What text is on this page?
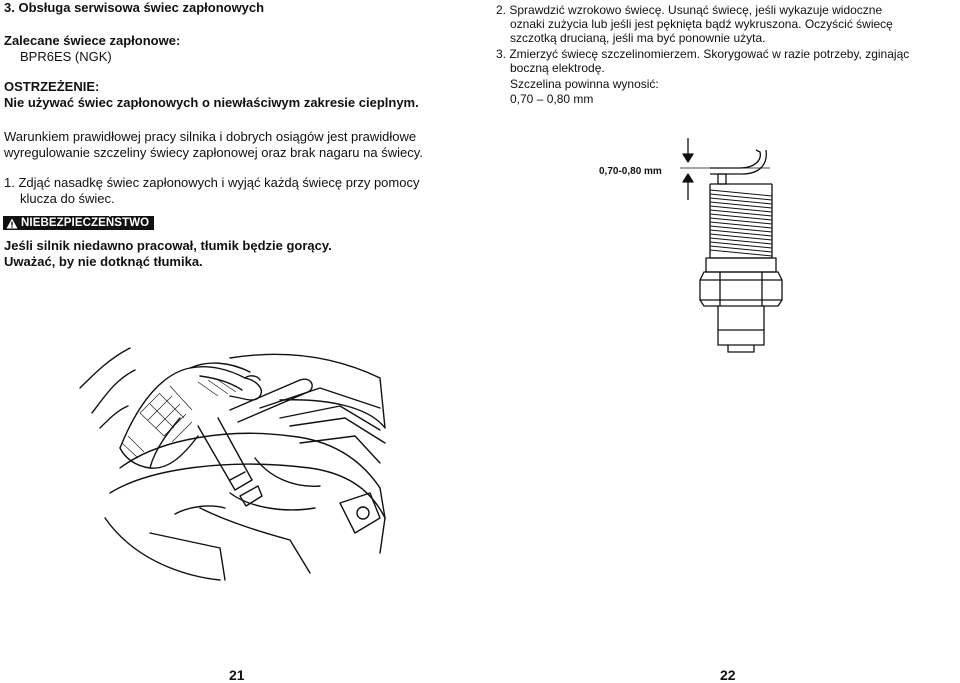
3. Obsługa serwisowa świec zapłonowych
Zalecane świece zapłonowe:
BPR6ES (NGK)
OSTRZEŻENIE:
Nie używać świec zapłonowych o niewłaściwym zakresie cieplnym.
Warunkiem prawidłowej pracy silnika i dobrych osiągów jest prawidłowe
wyregulowanie szczeliny świecy zapłonowej oraz brak nagaru na świecy.
1. Zdjąć nasadkę świec zapłonowych i wyjąć każdą świecę przy pomocy
klucza do świec.
NIEBEZPIECZEŃSTWO
Jeśli silnik niedawno pracował, tłumik będzie gorący.
Uważać, by nie dotknąć tłumika.
2. Sprawdzić wzrokowo świecę. Usunąć świecę, jeśli wykazuje widoczne
oznaki zużycia lub jeśli jest pęknięta bądź wykruszona. Oczyścić świecę
szczotką drucianą, jeśli ma być ponownie użyta.
3. Zmierzyć świecę szczelinomierzem. Skorygować w razie potrzeby, zginając
boczną elektrodę.
Szczelina powinna wynosić:
0,70 – 0,80 mm
0,70-0,80 mm
21	22
